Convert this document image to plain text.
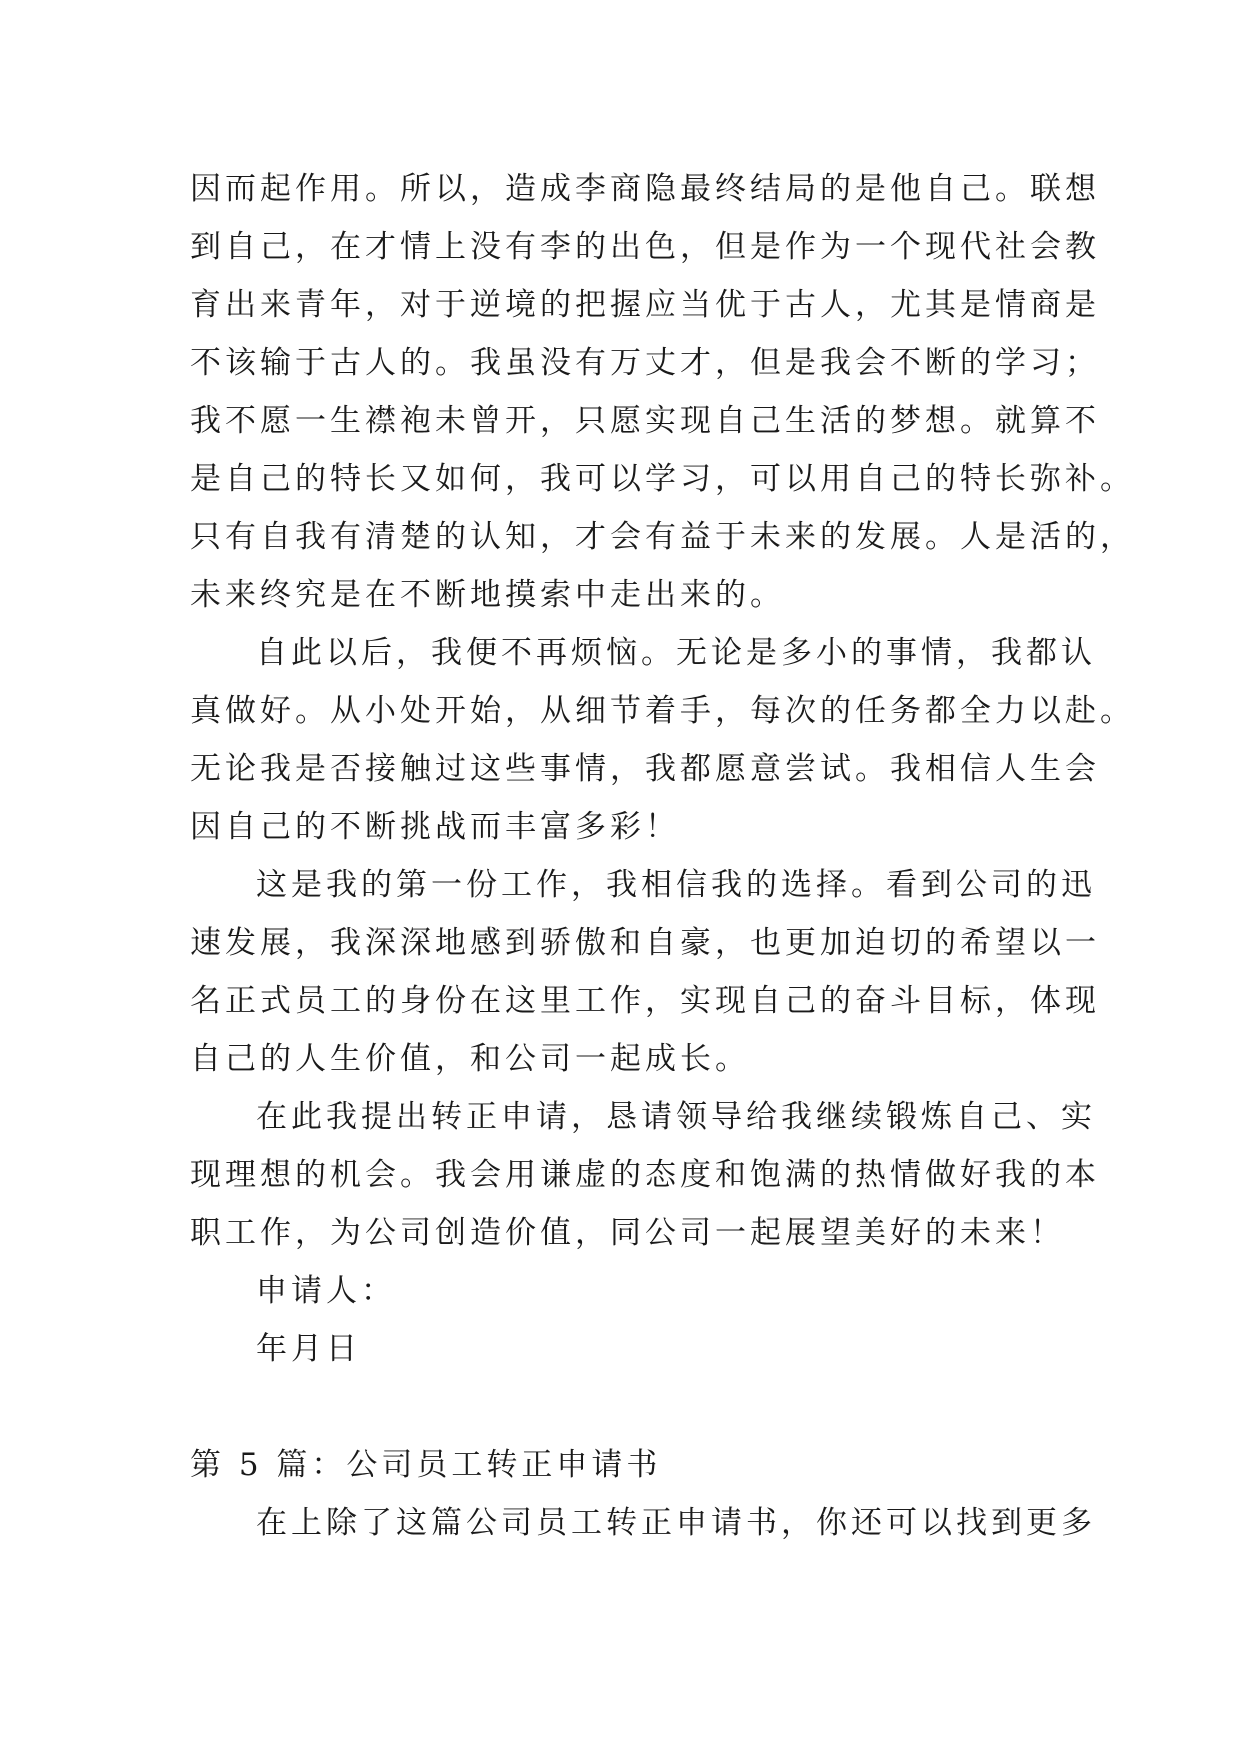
因而起作用。所以，造成李商隐最终结局的是他自己。联想
到自己，在才情上没有李的出色，但是作为一个现代社会教
育出来青年，对于逆境的把握应当优于古人，尤其是情商是
不该输于古人的。我虽没有万丈才，但是我会不断的学习；
我不愿一生襟袍未曾开，只愿实现自己生活的梦想。就算不
是自己的特长又如何，我可以学习，可以用自己的特长弥补。
只有自我有清楚的认知，才会有益于未来的发展。人是活的，
未来终究是在不断地摸索中走出来的。
自此以后，我便不再烦恼。无论是多小的事情，我都认
真做好。从小处开始，从细节着手，每次的任务都全力以赴。
无论我是否接触过这些事情，我都愿意尝试。我相信人生会
因自己的不断挑战而丰富多彩！
这是我的第一份工作，我相信我的选择。看到公司的迅
速发展，我深深地感到骄傲和自豪，也更加迫切的希望以一
名正式员工的身份在这里工作，实现自己的奋斗目标，体现
自己的人生价值，和公司一起成长。
在此我提出转正申请，恳请领导给我继续锻炼自己、实
现理想的机会。我会用谦虚的态度和饱满的热情做好我的本
职工作，为公司创造价值，同公司一起展望美好的未来！
申请人：
年月日
第 5 篇：公司员工转正申请书
在上除了这篇公司员工转正申请书，你还可以找到更多
